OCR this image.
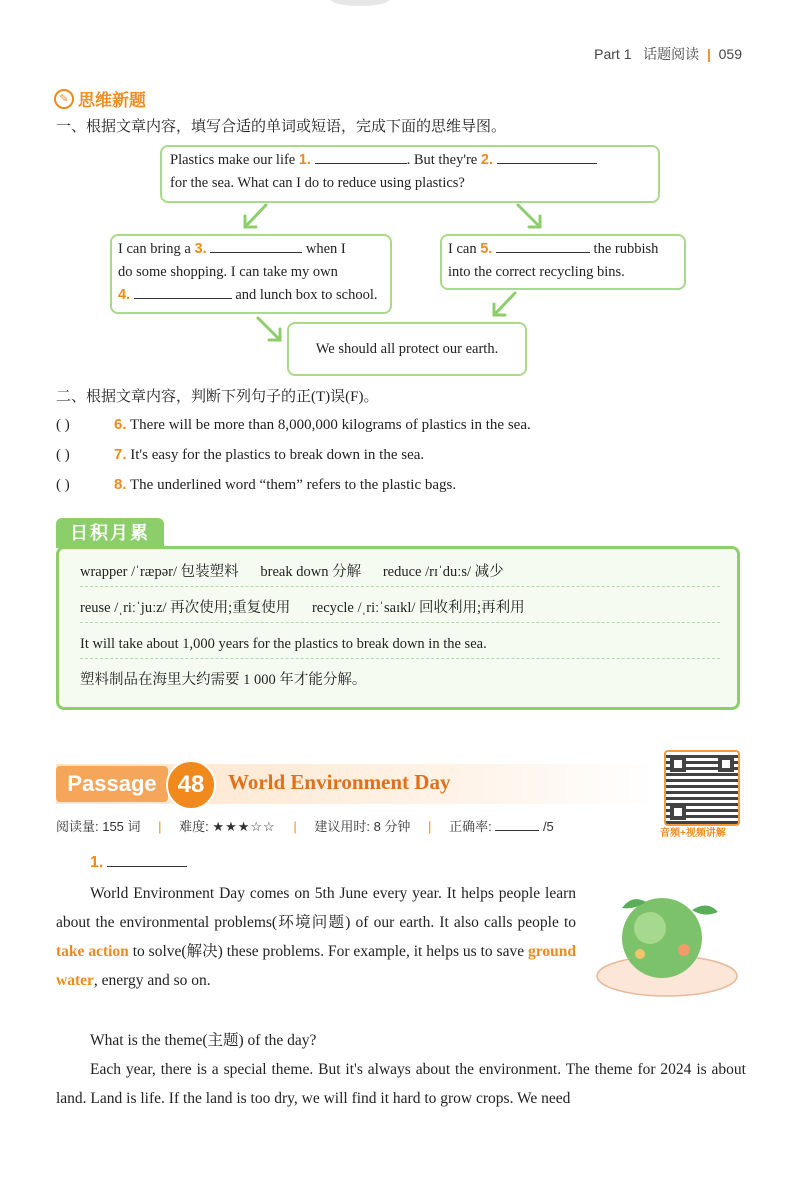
Part 1 话题阅读 | 059
✎ 思维新题
一、根据文章内容，填写合适的单词或短语，完成下面的思维导图。
Plastics make our life 1.	. But they're 2.
for the sea. What can I do to reduce using plastics?
I can bring a 3.	when I
do some shopping. I can take my own
4.	and lunch box to school.
I can 5.	the rubbish
into the correct recycling bins.
We should all protect our earth.
二、根据文章内容，判断下列句子的正(T)误(F)。
( )	6. There will be more than 8,000,000 kilograms of plastics in the sea.
( )	7. It's easy for the plastics to break down in the sea.
( )	8. The underlined word “them” refers to the plastic bags.
日积月累
wrapper /ˈræpər/ 包装塑料      break down 分解      reduce /rɪˈduːs/ 减少
reuse /ˌriːˈjuːz/ 再次使用;重复使用      recycle /ˌriːˈsaɪkl/ 回收利用;再利用
It will take about 1,000 years for the plastics to break down in the sea.
塑料制品在海里大约需要 1 000 年才能分解。
Passage 48	World Environment Day
音频+视频讲解
阅读量: 155 词 | 难度: ★★★☆☆ | 建议用时: 8 分钟 | 正确率:	/5
1.
World Environment Day comes on 5th June every year. It helps people learn about the environmental problems(环境问题) of our earth. It also calls people to take action to solve(解决) these problems. For example, it helps us to save ground water, energy and so on.
What is the theme(主题) of the day?
Each year, there is a special theme. But it's always about the environment. The theme for 2024 is about land. Land is life. If the land is too dry, we will find it hard to grow crops. We need
